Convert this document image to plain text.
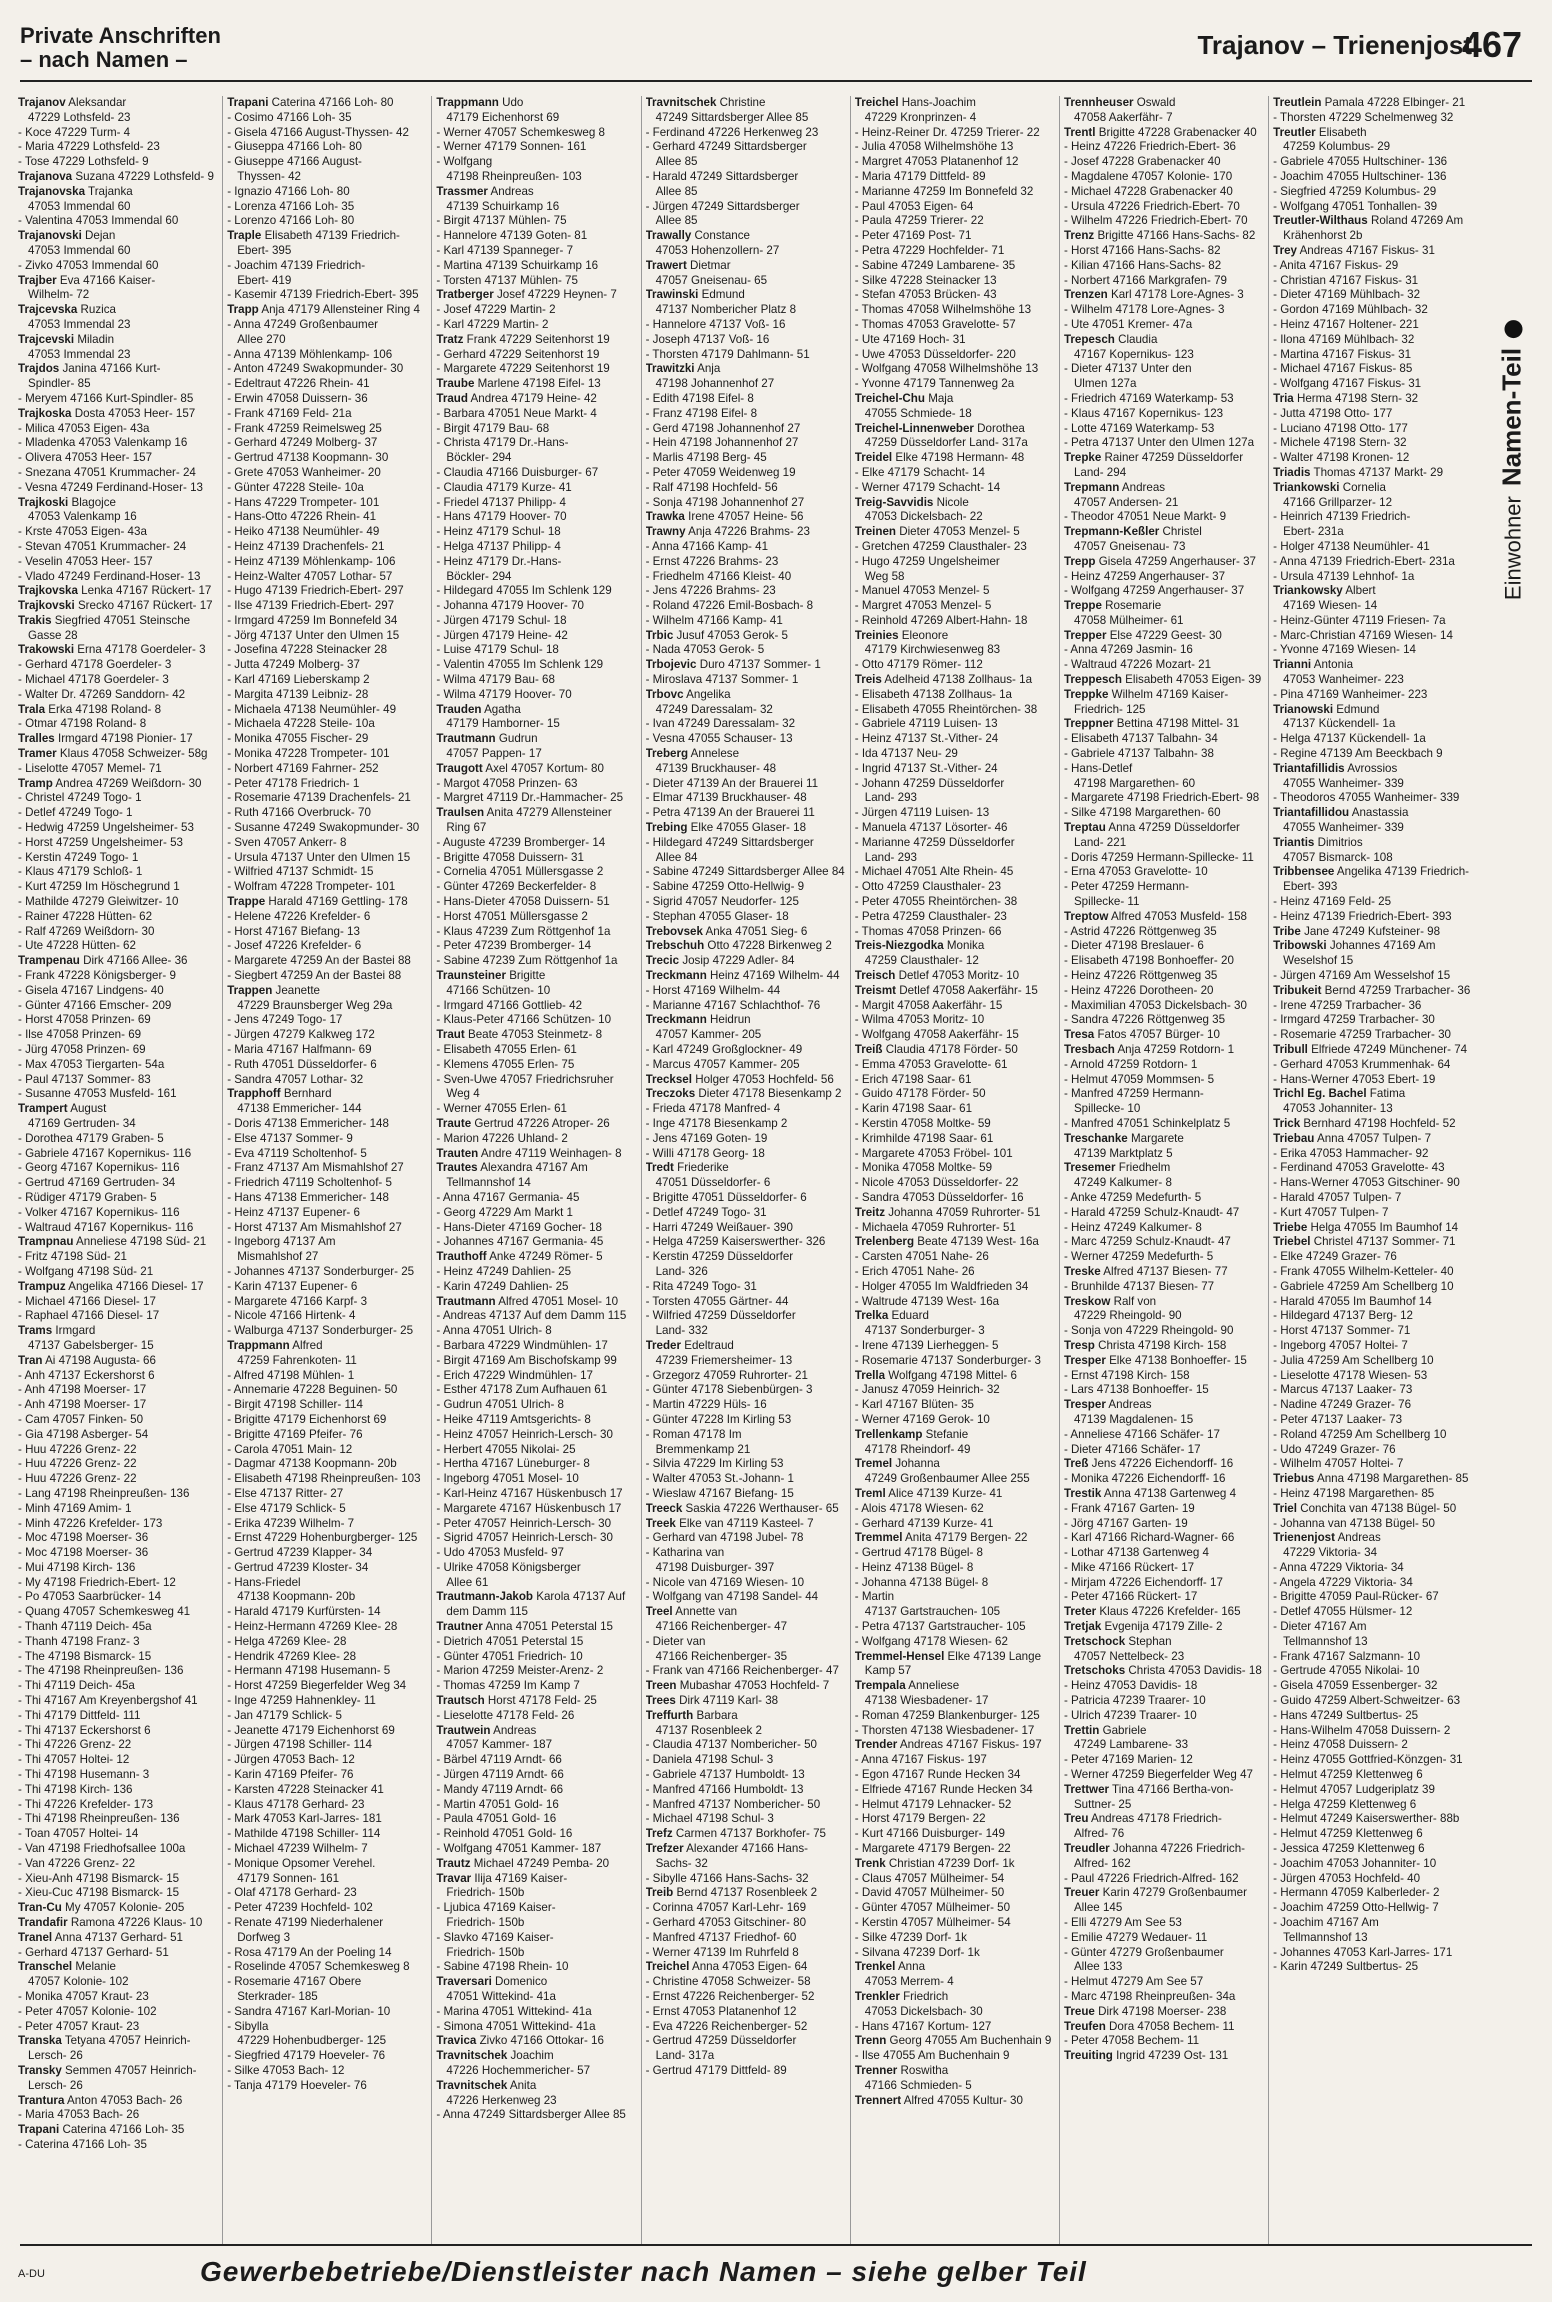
Private Anschriften
– nach Namen –	Trajanov – Trienenjost
467
Trajanov Aleksandar
47229 Lothsfeld- 23
- Koce 47229 Turm- 4
- Maria 47229 Lothsfeld- 23
- Tose 47229 Lothsfeld- 9
Trajanova Suzana 47229 Lothsfeld- 9
Trajanovska Trajanka
47053 Immendal 60
- Valentina 47053 Immendal 60
Trajanovski Dejan
47053 Immendal 60
- Zivko 47053 Immendal 60
Trajber Eva 47166 Kaiser-
Wilhelm- 72
Trajcevska Ruzica
47053 Immendal 23
Trajcevski Miladin
47053 Immendal 23
Trajdos Janina 47166 Kurt-
Spindler- 85
- Meryem 47166 Kurt-Spindler- 85
Trajkoska Dosta 47053 Heer- 157
- Milica 47053 Eigen- 43a
- Mladenka 47053 Valenkamp 16
- Olivera 47053 Heer- 157
- Snezana 47051 Krummacher- 24
- Vesna 47249 Ferdinand-Hoser- 13
Trajkoski Blagojce
47053 Valenkamp 16
- Krste 47053 Eigen- 43a
- Stevan 47051 Krummacher- 24
- Veselin 47053 Heer- 157
- Vlado 47249 Ferdinand-Hoser- 13
Trajkovska Lenka 47167 Rückert- 17
Trajkovski Srecko 47167 Rückert- 17
Trakis Siegfried 47051 Steinsche
Gasse 28
Trakowski Erna 47178 Goerdeler- 3
- Gerhard 47178 Goerdeler- 3
- Michael 47178 Goerdeler- 3
- Walter Dr. 47269 Sanddorn- 42
Trala Erka 47198 Roland- 8
- Otmar 47198 Roland- 8
Tralles Irmgard 47198 Pionier- 17
Tramer Klaus 47058 Schweizer- 58g
- Liselotte 47057 Memel- 71
Tramp Andrea 47269 Weißdorn- 30
- Christel 47249 Togo- 1
- Detlef 47249 Togo- 1
- Hedwig 47259 Ungelsheimer- 53
- Horst 47259 Ungelsheimer- 53
- Kerstin 47249 Togo- 1
- Klaus 47179 Schloß- 1
- Kurt 47259 Im Höschegrund 1
- Mathilde 47279 Gleiwitzer- 10
- Rainer 47228 Hütten- 62
- Ralf 47269 Weißdorn- 30
- Ute 47228 Hütten- 62
Trampenau Dirk 47166 Allee- 36
- Frank 47228 Königsberger- 9
- Gisela 47167 Lindgens- 40
- Günter 47166 Emscher- 209
- Horst 47058 Prinzen- 69
- Ilse 47058 Prinzen- 69
- Jürg 47058 Prinzen- 69
- Max 47053 Tiergarten- 54a
- Paul 47137 Sommer- 83
- Susanne 47053 Musfeld- 161
Trampert August
47169 Gertruden- 34
- Dorothea 47179 Graben- 5
- Gabriele 47167 Kopernikus- 116
- Georg 47167 Kopernikus- 116
- Gertrud 47169 Gertruden- 34
- Rüdiger 47179 Graben- 5
- Volker 47167 Kopernikus- 116
- Waltraud 47167 Kopernikus- 116
Trampnau Anneliese 47198 Süd- 21
- Fritz 47198 Süd- 21
- Wolfgang 47198 Süd- 21
Trampuz Angelika 47166 Diesel- 17
- Michael 47166 Diesel- 17
- Raphael 47166 Diesel- 17
Trams Irmgard
47137 Gabelsberger- 15
Tran Ai 47198 Augusta- 66
- Anh 47137 Eckershorst 6
- Anh 47198 Moerser- 17
- Anh 47198 Moerser- 17
- Cam 47057 Finken- 50
- Gia 47198 Asberger- 54
- Huu 47226 Grenz- 22
- Huu 47226 Grenz- 22
- Huu 47226 Grenz- 22
- Lang 47198 Rheinpreußen- 136
- Minh 47169 Amim- 1
- Minh 47226 Krefelder- 173
- Moc 47198 Moerser- 36
- Moc 47198 Moerser- 36
- Mui 47198 Kirch- 136
- My 47198 Friedrich-Ebert- 12
- Po 47053 Saarbrücker- 14
- Quang 47057 Schemkesweg 41
- Thanh 47119 Deich- 45a
- Thanh 47198 Franz- 3
- The 47198 Bismarck- 15
- The 47198 Rheinpreußen- 136
- Thi 47119 Deich- 45a
- Thi 47167 Am Kreyenbergshof 41
- Thi 47179 Dittfeld- 111
- Thi 47137 Eckershorst 6
- Thi 47226 Grenz- 22
- Thi 47057 Holtei- 12
- Thi 47198 Husemann- 3
- Thi 47198 Kirch- 136
- Thi 47226 Krefelder- 173
- Thi 47198 Rheinpreußen- 136
- Toan 47057 Holtei- 14
- Van 47198 Friedhofsallee 100a
- Van 47226 Grenz- 22
- Xieu-Anh 47198 Bismarck- 15
- Xieu-Cuc 47198 Bismarck- 15
Tran-Cu My 47057 Kolonie- 205
Trandafir Ramona 47226 Klaus- 10
Tranel Anna 47137 Gerhard- 51
- Gerhard 47137 Gerhard- 51
Transchel Melanie
47057 Kolonie- 102
- Monika 47057 Kraut- 23
- Peter 47057 Kolonie- 102
- Peter 47057 Kraut- 23
Transka Tetyana 47057 Heinrich-
Lersch- 26
Transky Semmen 47057 Heinrich-
Lersch- 26
Trantura Anton 47053 Bach- 26
- Maria 47053 Bach- 26
Trapani Caterina 47166 Loh- 35
- Caterina 47166 Loh- 35
Trapani Caterina 47166 Loh- 80
- Cosimo 47166 Loh- 35
- Gisela 47166 August-Thyssen- 42
- Giuseppa 47166 Loh- 80
- Giuseppe 47166 August-
Thyssen- 42
- Ignazio 47166 Loh- 80
- Lorenza 47166 Loh- 35
- Lorenzo 47166 Loh- 80
Traple Elisabeth 47139 Friedrich-
Ebert- 395
- Joachim 47139 Friedrich-
Ebert- 419
- Kasemir 47139 Friedrich-Ebert- 395
Trapp Anja 47179 Allensteiner Ring 4
- Anna 47249 Großenbaumer
Allee 270
- Anna 47139 Möhlenkamp- 106
- Anton 47249 Swakopmunder- 30
- Edeltraut 47226 Rhein- 41
- Erwin 47058 Duissern- 36
- Frank 47169 Feld- 21a
- Frank 47259 Reimelsweg 25
- Gerhard 47249 Molberg- 37
- Gertrud 47138 Koopmann- 30
- Grete 47053 Wanheimer- 20
- Günter 47228 Steile- 10a
- Hans 47229 Trompeter- 101
- Hans-Otto 47226 Rhein- 41
- Heiko 47138 Neumühler- 49
- Heinz 47139 Drachenfels- 21
- Heinz 47139 Möhlenkamp- 106
- Heinz-Walter 47057 Lothar- 57
- Hugo 47139 Friedrich-Ebert- 297
- Ilse 47139 Friedrich-Ebert- 297
- Irmgard 47259 Im Bonnefeld 34
- Jörg 47137 Unter den Ulmen 15
- Josefina 47228 Steinacker 28
- Jutta 47249 Molberg- 37
- Karl 47169 Lieberskamp 2
- Margita 47139 Leibniz- 28
- Michaela 47138 Neumühler- 49
- Michaela 47228 Steile- 10a
- Monika 47055 Fischer- 29
- Monika 47228 Trompeter- 101
- Norbert 47169 Fahrner- 252
- Peter 47178 Friedrich- 1
- Rosemarie 47139 Drachenfels- 21
- Ruth 47166 Overbruck- 70
- Susanne 47249 Swakopmunder- 30
- Sven 47057 Ankerr- 8
- Ursula 47137 Unter den Ulmen 15
- Wilfried 47137 Schmidt- 15
- Wolfram 47228 Trompeter- 101
Trappe Harald 47169 Gettling- 178
- Helene 47226 Krefelder- 6
- Horst 47167 Biefang- 13
- Josef 47226 Krefelder- 6
- Margarete 47259 An der Bastei 88
- Siegbert 47259 An der Bastei 88
Trappen Jeanette
47229 Braunsberger Weg 29a
- Jens 47249 Togo- 17
- Jürgen 47279 Kalkweg 172
- Maria 47167 Halfmann- 69
- Ruth 47051 Düsseldorfer- 6
- Sandra 47057 Lothar- 32
Trapphoff Bernhard
47138 Emmericher- 144
- Doris 47138 Emmericher- 148
- Else 47137 Sommer- 9
- Eva 47119 Scholtenhof- 5
- Franz 47137 Am Mismahlshof 27
- Friedrich 47119 Scholtenhof- 5
- Hans 47138 Emmericher- 148
- Heinz 47137 Eupener- 6
- Horst 47137 Am Mismahlshof 27
- Ingeborg 47137 Am
Mismahlshof 27
- Johannes 47137 Sonderburger- 25
- Karin 47137 Eupener- 6
- Margarete 47166 Karpf- 3
- Nicole 47166 Hirtenk- 4
- Walburga 47137 Sonderburger- 25
Trappmann Alfred
47259 Fahrenkoten- 11
- Alfred 47198 Mühlen- 1
- Annemarie 47228 Beguinen- 50
- Birgit 47198 Schiller- 114
- Brigitte 47179 Eichenhorst 69
- Brigitte 47169 Pfeifer- 76
- Carola 47051 Main- 12
- Dagmar 47138 Koopmann- 20b
- Elisabeth 47198 Rheinpreußen- 103
- Else 47137 Ritter- 27
- Else 47179 Schlick- 5
- Erika 47239 Wilhelm- 7
- Ernst 47229 Hohenburgberger- 125
- Gertrud 47239 Klapper- 34
- Gertrud 47239 Kloster- 34
- Hans-Friedel
47138 Koopmann- 20b
- Harald 47179 Kurfürsten- 14
- Heinz-Hermann 47269 Klee- 28
- Helga 47269 Klee- 28
- Hendrik 47269 Klee- 28
- Hermann 47198 Husemann- 5
- Horst 47259 Biegerfelder Weg 34
- Inge 47259 Hahnenkley- 11
- Jan 47179 Schlick- 5
- Jeanette 47179 Eichenhorst 69
- Jürgen 47198 Schiller- 114
- Jürgen 47053 Bach- 12
- Karin 47169 Pfeifer- 76
- Karsten 47228 Steinacker 41
- Klaus 47178 Gerhard- 23
- Mark 47053 Karl-Jarres- 181
- Mathilde 47198 Schiller- 114
- Michael 47239 Wilhelm- 7
- Monique Opsomer Verehel.
47179 Sonnen- 161
- Olaf 47178 Gerhard- 23
- Peter 47239 Hochfeld- 102
- Renate 47199 Niederhalener
Dorfweg 3
- Rosa 47179 An der Poeling 14
- Roselinde 47057 Schemkesweg 8
- Rosemarie 47167 Obere
Sterkrader- 185
- Sandra 47167 Karl-Morian- 10
- Sibylla
47229 Hohenbudberger- 125
- Siegfried 47179 Hoeveler- 76
- Silke 47053 Bach- 12
- Tanja 47179 Hoeveler- 76
Trappmann Udo
47179 Eichenhorst 69
- Werner 47057 Schemkesweg 8
- Werner 47179 Sonnen- 161
- Wolfgang
47198 Rheinpreußen- 103
Trassmer Andreas
47139 Schuirkamp 16
- Birgit 47137 Mühlen- 75
- Hannelore 47139 Goten- 81
- Karl 47139 Spanneger- 7
- Martina 47139 Schuirkamp 16
- Torsten 47137 Mühlen- 75
Tratberger Josef 47229 Heynen- 7
- Josef 47229 Martin- 2
- Karl 47229 Martin- 2
Tratz Frank 47229 Seitenhorst 19
- Gerhard 47229 Seitenhorst 19
- Margarete 47229 Seitenhorst 19
Traube Marlene 47198 Eifel- 13
Traud Andrea 47179 Heine- 42
- Barbara 47051 Neue Markt- 4
- Birgit 47179 Bau- 68
- Christa 47179 Dr.-Hans-
Böckler- 294
- Claudia 47166 Duisburger- 67
- Claudia 47179 Kurze- 41
- Friedel 47137 Philipp- 4
- Hans 47179 Hoover- 70
- Heinz 47179 Schul- 18
- Helga 47137 Philipp- 4
- Heinz 47179 Dr.-Hans-
Böckler- 294
- Hildegard 47055 Im Schlenk 129
- Johanna 47179 Hoover- 70
- Jürgen 47179 Schul- 18
- Jürgen 47179 Heine- 42
- Luise 47179 Schul- 18
- Valentin 47055 Im Schlenk 129
- Wilma 47179 Bau- 68
- Wilma 47179 Hoover- 70
Trauden Agatha
47179 Hamborner- 15
Trautmann Gudrun
47057 Pappen- 17
Traugott Axel 47057 Kortum- 80
- Margot 47058 Prinzen- 63
- Margret 47119 Dr.-Hammacher- 25
Traulsen Anita 47279 Allensteiner
Ring 67
- Auguste 47239 Bromberger- 14
- Brigitte 47058 Duissern- 31
- Cornelia 47051 Müllersgasse 2
- Günter 47269 Beckerfelder- 8
- Hans-Dieter 47058 Duissern- 51
- Horst 47051 Müllersgasse 2
- Klaus 47239 Zum Röttgenhof 1a
- Peter 47239 Bromberger- 14
- Sabine 47239 Zum Röttgenhof 1a
Traunsteiner Brigitte
47166 Schützen- 10
- Irmgard 47166 Gottlieb- 42
- Klaus-Peter 47166 Schützen- 10
Traut Beate 47053 Steinmetz- 8
- Elisabeth 47055 Erlen- 61
- Klemens 47055 Erlen- 75
- Sven-Uwe 47057 Friedrichsruher
Weg 4
- Werner 47055 Erlen- 61
Traute Gertrud 47226 Atroper- 26
- Marion 47226 Uhland- 2
Trauten Andre 47119 Weinhagen- 8
Trautes Alexandra 47167 Am
Tellmannshof 14
- Anna 47167 Germania- 45
- Georg 47229 Am Markt 1
- Hans-Dieter 47169 Gocher- 18
- Johannes 47167 Germania- 45
Trauthoff Anke 47249 Römer- 5
- Heinz 47249 Dahlien- 25
- Karin 47249 Dahlien- 25
Trautmann Alfred 47051 Mosel- 10
- Andreas 47137 Auf dem Damm 115
- Anna 47051 Ulrich- 8
- Barbara 47229 Windmühlen- 17
- Birgit 47169 Am Bischofskamp 99
- Erich 47229 Windmühlen- 17
- Esther 47178 Zum Aufhauen 61
- Gudrun 47051 Ulrich- 8
- Heike 47119 Amtsgerichts- 8
- Heinz 47057 Heinrich-Lersch- 30
- Herbert 47055 Nikolai- 25
- Hertha 47167 Lüneburger- 8
- Ingeborg 47051 Mosel- 10
- Karl-Heinz 47167 Hüskenbusch 17
- Margarete 47167 Hüskenbusch 17
- Peter 47057 Heinrich-Lersch- 30
- Sigrid 47057 Heinrich-Lersch- 30
- Udo 47053 Musfeld- 97
- Ulrike 47058 Königsberger
Allee 61
Trautmann-Jakob Karola 47137 Auf
dem Damm 115
Trautner Anna 47051 Peterstal 15
- Dietrich 47051 Peterstal 15
- Günter 47051 Friedrich- 10
- Marion 47259 Meister-Arenz- 2
- Thomas 47259 Im Kamp 7
Trautsch Horst 47178 Feld- 25
- Lieselotte 47178 Feld- 26
Trautwein Andreas
47057 Kammer- 187
- Bärbel 47119 Arndt- 66
- Jürgen 47119 Arndt- 66
- Mandy 47119 Arndt- 66
- Martin 47051 Gold- 16
- Paula 47051 Gold- 16
- Reinhold 47051 Gold- 16
- Wolfgang 47051 Kammer- 187
Trautz Michael 47249 Pemba- 20
Travar Ilija 47169 Kaiser-
Friedrich- 150b
- Ljubica 47169 Kaiser-
Friedrich- 150b
- Slavko 47169 Kaiser-
Friedrich- 150b
- Sabine 47198 Rhein- 10
Traversari Domenico
47051 Wittekind- 41a
- Marina 47051 Wittekind- 41a
- Simona 47051 Wittekind- 41a
Travica Zivko 47166 Ottokar- 16
Travnitschek Joachim
47226 Hochemmericher- 57
Travnitschek Anita
47226 Herkenweg 23
- Anna 47249 Sittardsberger Allee 85
Travnitschek Christine
47249 Sittardsberger Allee 85
- Ferdinand 47226 Herkenweg 23
- Gerhard 47249 Sittardsberger
Allee 85
- Harald 47249 Sittardsberger
Allee 85
- Jürgen 47249 Sittardsberger
Allee 85
Trawally Constance
47053 Hohenzollern- 27
Trawert Dietmar
47057 Gneisenau- 65
Trawinski Edmund
47137 Nombericher Platz 8
- Hannelore 47137 Voß- 16
- Joseph 47137 Voß- 16
- Thorsten 47179 Dahlmann- 51
Trawitzki Anja
47198 Johannenhof 27
- Edith 47198 Eifel- 8
- Franz 47198 Eifel- 8
- Gerd 47198 Johannenhof 27
- Hein 47198 Johannenhof 27
- Marlis 47198 Berg- 45
- Peter 47059 Weidenweg 19
- Ralf 47198 Hochfeld- 56
- Sonja 47198 Johannenhof 27
Trawka Irene 47057 Heine- 56
Trawny Anja 47226 Brahms- 23
- Anna 47166 Kamp- 41
- Ernst 47226 Brahms- 23
- Friedhelm 47166 Kleist- 40
- Jens 47226 Brahms- 23
- Roland 47226 Emil-Bosbach- 8
- Wilhelm 47166 Kamp- 41
Trbic Jusuf 47053 Gerok- 5
- Nada 47053 Gerok- 5
Trbojevic Duro 47137 Sommer- 1
- Miroslava 47137 Sommer- 1
Trbovc Angelika
47249 Daressalam- 32
- Ivan 47249 Daressalam- 32
- Vesna 47055 Schauser- 13
Treberg Annelese
47139 Bruckhauser- 48
- Dieter 47139 An der Brauerei 11
- Elmar 47139 Bruckhauser- 48
- Petra 47139 An der Brauerei 11
Trebing Elke 47055 Glaser- 18
- Hildegard 47249 Sittardsberger
Allee 84
- Sabine 47249 Sittardsberger Allee 84
- Sabine 47259 Otto-Hellwig- 9
- Sigrid 47057 Neudorfer- 125
- Stephan 47055 Glaser- 18
Trebovsek Anka 47051 Sieg- 6
Trebschuh Otto 47228 Birkenweg 2
Trecic Josip 47229 Adler- 84
Treckmann Heinz 47169 Wilhelm- 44
- Horst 47169 Wilhelm- 44
- Marianne 47167 Schlachthof- 76
Treckmann Heidrun
47057 Kammer- 205
- Karl 47249 Großglockner- 49
- Marcus 47057 Kammer- 205
Trecksel Holger 47053 Hochfeld- 56
Treczoks Dieter 47178 Biesenkamp 2
- Frieda 47178 Manfred- 4
- Inge 47178 Biesenkamp 2
- Jens 47169 Goten- 19
- Willi 47178 Georg- 18
Tredt Friederike
47051 Düsseldorfer- 6
- Brigitte 47051 Düsseldorfer- 6
- Detlef 47249 Togo- 31
- Harri 47249 Weißauer- 390
- Helga 47259 Kaiserswerther- 326
- Kerstin 47259 Düsseldorfer
Land- 326
- Rita 47249 Togo- 31
- Torsten 47055 Gärtner- 44
- Wilfried 47259 Düsseldorfer
Land- 332
Treder Edeltraud
47239 Friemersheimer- 13
- Grzegorz 47059 Ruhrorter- 21
- Günter 47178 Siebenbürgen- 3
- Martin 47229 Hüls- 16
- Günter 47228 Im Kirling 53
- Roman 47178 Im
Bremmenkamp 21
- Silvia 47229 Im Kirling 53
- Walter 47053 St.-Johann- 1
- Wieslaw 47167 Biefang- 15
Treeck Saskia 47226 Werthauser- 65
Treek Elke van 47119 Kasteel- 7
- Gerhard van 47198 Jubel- 78
- Katharina van
47198 Duisburger- 397
- Nicole van 47169 Wiesen- 10
- Wolfgang van 47198 Sandel- 44
Treel Annette van
47166 Reichenberger- 47
- Dieter van
47166 Reichenberger- 35
- Frank van 47166 Reichenberger- 47
Treen Mubashar 47053 Hochfeld- 7
Trees Dirk 47119 Karl- 38
Treffurth Barbara
47137 Rosenbleek 2
- Claudia 47137 Nombericher- 50
- Daniela 47198 Schul- 3
- Gabriele 47137 Humboldt- 13
- Manfred 47166 Humboldt- 13
- Manfred 47137 Nombericher- 50
- Michael 47198 Schul- 3
Trefz Carmen 47137 Borkhofer- 75
Trefzer Alexander 47166 Hans-
Sachs- 32
- Sibylle 47166 Hans-Sachs- 32
Treib Bernd 47137 Rosenbleek 2
- Corinna 47057 Karl-Lehr- 169
- Gerhard 47053 Gitschiner- 80
- Manfred 47137 Friedhof- 60
- Werner 47139 Im Ruhrfeld 8
Treichel Anna 47053 Eigen- 64
- Christine 47058 Schweizer- 58
- Ernst 47226 Reichenberger- 52
- Ernst 47053 Platanenhof 12
- Eva 47226 Reichenberger- 52
- Gertrud 47259 Düsseldorfer
Land- 317a
- Gertrud 47179 Dittfeld- 89
Treichel Hans-Joachim
47229 Kronprinzen- 4
- Heinz-Reiner Dr. 47259 Trierer- 22
- Julia 47058 Wilhelmshöhe 13
- Margret 47053 Platanenhof 12
- Maria 47179 Dittfeld- 89
- Marianne 47259 Im Bonnefeld 32
- Paul 47053 Eigen- 64
- Paula 47259 Trierer- 22
- Peter 47169 Post- 71
- Petra 47229 Hochfelder- 71
- Sabine 47249 Lambarene- 35
- Silke 47228 Steinacker 13
- Stefan 47053 Brücken- 43
- Thomas 47058 Wilhelmshöhe 13
- Thomas 47053 Gravelotte- 57
- Ute 47169 Hoch- 31
- Uwe 47053 Düsseldorfer- 220
- Wolfgang 47058 Wilhelmshöhe 13
- Yvonne 47179 Tannenweg 2a
Treichel-Chu Maja
47055 Schmiede- 18
Treichel-Linnenweber Dorothea
47259 Düsseldorfer Land- 317a
Treidel Elke 47198 Hermann- 48
- Elke 47179 Schacht- 14
- Werner 47179 Schacht- 14
Treig-Savvidis Nicole
47053 Dickelsbach- 22
Treinen Dieter 47053 Menzel- 5
- Gretchen 47259 Clausthaler- 23
- Hugo 47259 Ungelsheimer
Weg 58
- Manuel 47053 Menzel- 5
- Margret 47053 Menzel- 5
- Reinhold 47269 Albert-Hahn- 18
Treinies Eleonore
47179 Kirchwiesenweg 83
- Otto 47179 Römer- 112
Treis Adelheid 47138 Zollhaus- 1a
- Elisabeth 47138 Zollhaus- 1a
- Elisabeth 47055 Rheintörchen- 38
- Gabriele 47119 Luisen- 13
- Heinz 47137 St.-Vither- 24
- Ida 47137 Neu- 29
- Ingrid 47137 St.-Vither- 24
- Johann 47259 Düsseldorfer
Land- 293
- Jürgen 47119 Luisen- 13
- Manuela 47137 Lösorter- 46
- Marianne 47259 Düsseldorfer
Land- 293
- Michael 47051 Alte Rhein- 45
- Otto 47259 Clausthaler- 23
- Peter 47055 Rheintörchen- 38
- Petra 47259 Clausthaler- 23
- Thomas 47058 Prinzen- 66
Treis-Niezgodka Monika
47259 Clausthaler- 12
Treisch Detlef 47053 Moritz- 10
Treismt Detlef 47058 Aakerfähr- 15
- Margit 47058 Aakerfähr- 15
- Wilma 47053 Moritz- 10
- Wolfgang 47058 Aakerfähr- 15
Treiß Claudia 47178 Förder- 50
- Emma 47053 Gravelotte- 61
- Erich 47198 Saar- 61
- Guido 47178 Förder- 50
- Karin 47198 Saar- 61
- Kerstin 47058 Moltke- 59
- Krimhilde 47198 Saar- 61
- Margarete 47053 Fröbel- 101
- Monika 47058 Moltke- 59
- Nicole 47053 Düsseldorfer- 22
- Sandra 47053 Düsseldorfer- 16
Treitz Johanna 47059 Ruhrorter- 51
- Michaela 47059 Ruhrorter- 51
Trelenberg Beate 47139 West- 16a
- Carsten 47051 Nahe- 26
- Erich 47051 Nahe- 26
- Holger 47055 Im Waldfrieden 34
- Waltrude 47139 West- 16a
Trelka Eduard
47137 Sonderburger- 3
- Irene 47139 Lierheggen- 5
- Rosemarie 47137 Sonderburger- 3
Trella Wolfgang 47198 Mittel- 6
- Janusz 47059 Heinrich- 32
- Karl 47167 Blüten- 35
- Werner 47169 Gerok- 10
Trellenkamp Stefanie
47178 Rheindorf- 49
Tremel Johanna
47249 Großenbaumer Allee 255
Treml Alice 47139 Kurze- 41
- Alois 47178 Wiesen- 62
- Gerhard 47139 Kurze- 41
Tremmel Anita 47179 Bergen- 22
- Gertrud 47178 Bügel- 8
- Heinz 47138 Bügel- 8
- Johanna 47138 Bügel- 8
- Martin
47137 Gartstrauchen- 105
- Petra 47137 Gartstraucher- 105
- Wolfgang 47178 Wiesen- 62
Tremmel-Hensel Elke 47139 Lange
Kamp 57
Trempala Anneliese
47138 Wiesbadener- 17
- Roman 47259 Blankenburger- 125
- Thorsten 47138 Wiesbadener- 17
Trender Andreas 47167 Fiskus- 197
- Anna 47167 Fiskus- 197
- Egon 47167 Runde Hecken 34
- Elfriede 47167 Runde Hecken 34
- Helmut 47179 Lehnacker- 52
- Horst 47179 Bergen- 22
- Kurt 47166 Duisburger- 149
- Margarete 47179 Bergen- 22
Trenk Christian 47239 Dorf- 1k
- Claus 47057 Mülheimer- 54
- David 47057 Mülheimer- 50
- Günter 47057 Mülheimer- 50
- Kerstin 47057 Mülheimer- 54
- Silke 47239 Dorf- 1k
- Silvana 47239 Dorf- 1k
Trenkel Anna
47053 Merrem- 4
Trenkler Friedrich
47053 Dickelsbach- 30
- Hans 47167 Kortum- 127
Trenn Georg 47055 Am Buchenhain 9
- Ilse 47055 Am Buchenhain 9
Trenner Roswitha
47166 Schmieden- 5
Trennert Alfred 47055 Kultur- 30
Trennheuser Oswald
47058 Aakerfähr- 7
Trentl Brigitte 47228 Grabenacker 40
- Heinz 47226 Friedrich-Ebert- 36
- Josef 47228 Grabenacker 40
- Magdalene 47057 Kolonie- 170
- Michael 47228 Grabenacker 40
- Ursula 47226 Friedrich-Ebert- 70
- Wilhelm 47226 Friedrich-Ebert- 70
Trenz Brigitte 47166 Hans-Sachs- 82
- Horst 47166 Hans-Sachs- 82
- Kilian 47166 Hans-Sachs- 82
- Norbert 47166 Markgrafen- 79
Trenzen Karl 47178 Lore-Agnes- 3
- Wilhelm 47178 Lore-Agnes- 3
- Ute 47051 Kremer- 47a
Trepesch Claudia
47167 Kopernikus- 123
- Dieter 47137 Unter den
Ulmen 127a
- Friedrich 47169 Waterkamp- 53
- Klaus 47167 Kopernikus- 123
- Lotte 47169 Waterkamp- 53
- Petra 47137 Unter den Ulmen 127a
Trepke Rainer 47259 Düsseldorfer
Land- 294
Trepmann Andreas
47057 Andersen- 21
- Theodor 47051 Neue Markt- 9
Trepmann-Keßler Christel
47057 Gneisenau- 73
Trepp Gisela 47259 Angerhauser- 37
- Heinz 47259 Angerhauser- 37
- Wolfgang 47259 Angerhauser- 37
Treppe Rosemarie
47058 Mülheimer- 61
Trepper Else 47229 Geest- 30
- Anna 47269 Jasmin- 16
- Waltraud 47226 Mozart- 21
Treppesch Elisabeth 47053 Eigen- 39
Treppke Wilhelm 47169 Kaiser-
Friedrich- 125
Treppner Bettina 47198 Mittel- 31
- Elisabeth 47137 Talbahn- 34
- Gabriele 47137 Talbahn- 38
- Hans-Detlef
47198 Margarethen- 60
- Margarete 47198 Friedrich-Ebert- 98
- Silke 47198 Margarethen- 60
Treptau Anna 47259 Düsseldorfer
Land- 221
- Doris 47259 Hermann-Spillecke- 11
- Erna 47053 Gravelotte- 10
- Peter 47259 Hermann-
Spillecke- 11
Treptow Alfred 47053 Musfeld- 158
- Astrid 47226 Röttgenweg 35
- Dieter 47198 Breslauer- 6
- Elisabeth 47198 Bonhoeffer- 20
- Heinz 47226 Röttgenweg 35
- Heinz 47226 Dorotheen- 20
- Maximilian 47053 Dickelsbach- 30
- Sandra 47226 Röttgenweg 35
Tresa Fatos 47057 Bürger- 10
Tresbach Anja 47259 Rotdorn- 1
- Arnold 47259 Rotdorn- 1
- Helmut 47059 Mommsen- 5
- Manfred 47259 Hermann-
Spillecke- 10
- Manfred 47051 Schinkelplatz 5
Treschanke Margarete
47139 Marktplatz 5
Tresemer Friedhelm
47249 Kalkumer- 8
- Anke 47259 Medefurth- 5
- Harald 47259 Schulz-Knaudt- 47
- Heinz 47249 Kalkumer- 8
- Marc 47259 Schulz-Knaudt- 47
- Werner 47259 Medefurth- 5
Treske Alfred 47137 Biesen- 77
- Brunhilde 47137 Biesen- 77
Treskow Ralf von
47229 Rheingold- 90
- Sonja von 47229 Rheingold- 90
Tresp Christa 47198 Kirch- 158
Tresper Elke 47138 Bonhoeffer- 15
- Ernst 47198 Kirch- 158
- Lars 47138 Bonhoeffer- 15
Tresper Andreas
47139 Magdalenen- 15
- Anneliese 47166 Schäfer- 17
- Dieter 47166 Schäfer- 17
Treß Jens 47226 Eichendorff- 16
- Monika 47226 Eichendorff- 16
Trestik Anna 47138 Gartenweg 4
- Frank 47167 Garten- 19
- Jörg 47167 Garten- 19
- Karl 47166 Richard-Wagner- 66
- Lothar 47138 Gartenweg 4
- Mike 47166 Rückert- 17
- Mirjam 47226 Eichendorff- 17
- Peter 47166 Rückert- 17
Treter Klaus 47226 Krefelder- 165
Tretjak Evgenija 47179 Zille- 2
Tretschock Stephan
47057 Nettelbeck- 23
Tretschoks Christa 47053 Davidis- 18
- Heinz 47053 Davidis- 18
- Patricia 47239 Traarer- 10
- Ulrich 47239 Traarer- 10
Trettin Gabriele
47249 Lambarene- 33
- Peter 47169 Marien- 12
- Werner 47259 Biegerfelder Weg 47
Trettwer Tina 47166 Bertha-von-
Suttner- 25
Treu Andreas 47178 Friedrich-
Alfred- 76
Treudler Johanna 47226 Friedrich-
Alfred- 162
- Paul 47226 Friedrich-Alfred- 162
Treuer Karin 47279 Großenbaumer
Allee 145
- Elli 47279 Am See 53
- Emilie 47279 Wedauer- 11
- Günter 47279 Großenbaumer
Allee 133
- Helmut 47279 Am See 57
- Marc 47198 Rheinpreußen- 34a
Treue Dirk 47198 Moerser- 238
Treufen Dora 47058 Bechem- 11
- Peter 47058 Bechem- 11
Treuiting Ingrid 47239 Ost- 131
Treutlein Pamala 47228 Elbinger- 21
- Thorsten 47229 Schelmenweg 32
Treutler Elisabeth
47259 Kolumbus- 29
- Gabriele 47055 Hultschiner- 136
- Joachim 47055 Hultschiner- 136
- Siegfried 47259 Kolumbus- 29
- Wolfgang 47051 Tonhallen- 39
Treutler-Wilthaus Roland 47269 Am
Krähenhorst 2b
Trey Andreas 47167 Fiskus- 31
- Anita 47167 Fiskus- 29
- Christian 47167 Fiskus- 31
- Dieter 47169 Mühlbach- 32
- Gordon 47169 Mühlbach- 32
- Heinz 47167 Holtener- 221
- Ilona 47169 Mühlbach- 32
- Martina 47167 Fiskus- 31
- Michael 47167 Fiskus- 85
- Wolfgang 47167 Fiskus- 31
Tria Herma 47198 Stern- 32
- Jutta 47198 Otto- 177
- Luciano 47198 Otto- 177
- Michele 47198 Stern- 32
- Walter 47198 Kronen- 12
Triadis Thomas 47137 Markt- 29
Triankowski Cornelia
47166 Grillparzer- 12
- Heinrich 47139 Friedrich-
Ebert- 231a
- Holger 47138 Neumühler- 41
- Anna 47139 Friedrich-Ebert- 231a
- Ursula 47139 Lehnhof- 1a
Triankowsky Albert
47169 Wiesen- 14
- Heinz-Günter 47119 Friesen- 7a
- Marc-Christian 47169 Wiesen- 14
- Yvonne 47169 Wiesen- 14
Trianni Antonia
47053 Wanheimer- 223
- Pina 47169 Wanheimer- 223
Trianowski Edmund
47137 Kückendell- 1a
- Helga 47137 Kückendell- 1a
- Regine 47139 Am Beeckbach 9
Triantafillidis Avrossios
47055 Wanheimer- 339
- Theodoros 47055 Wanheimer- 339
Triantafillidou Anastassia
47055 Wanheimer- 339
Triantis Dimitrios
47057 Bismarck- 108
Tribbensee Angelika 47139 Friedrich-
Ebert- 393
- Heinz 47169 Feld- 25
- Heinz 47139 Friedrich-Ebert- 393
Tribe Jane 47249 Kufsteiner- 98
Tribowski Johannes 47169 Am
Weselshof 15
- Jürgen 47169 Am Wesselshof 15
Tribukeit Bernd 47259 Trarbacher- 36
- Irene 47259 Trarbacher- 36
- Irmgard 47259 Trarbacher- 30
- Rosemarie 47259 Trarbacher- 30
Tribull Elfriede 47249 Münchener- 74
- Gerhard 47053 Krummenhak- 64
- Hans-Werner 47053 Ebert- 19
Trichl Eg. Bachel Fatima
47053 Johanniter- 13
Trick Bernhard 47198 Hochfeld- 52
Triebau Anna 47057 Tulpen- 7
- Erika 47053 Hammacher- 92
- Ferdinand 47053 Gravelotte- 43
- Hans-Werner 47053 Gitschiner- 90
- Harald 47057 Tulpen- 7
- Kurt 47057 Tulpen- 7
Triebe Helga 47055 Im Baumhof 14
Triebel Christel 47137 Sommer- 71
- Elke 47249 Grazer- 76
- Frank 47055 Wilhelm-Ketteler- 40
- Gabriele 47259 Am Schellberg 10
- Harald 47055 Im Baumhof 14
- Hildegard 47137 Berg- 12
- Horst 47137 Sommer- 71
- Ingeborg 47057 Holtei- 7
- Julia 47259 Am Schellberg 10
- Lieselotte 47178 Wiesen- 53
- Marcus 47137 Laaker- 73
- Nadine 47249 Grazer- 76
- Peter 47137 Laaker- 73
- Roland 47259 Am Schellberg 10
- Udo 47249 Grazer- 76
- Wilhelm 47057 Holtei- 7
Triebus Anna 47198 Margarethen- 85
- Heinz 47198 Margarethen- 85
Triel Conchita van 47138 Bügel- 50
- Johanna van 47138 Bügel- 50
Trienenjost Andreas
47229 Viktoria- 34
- Anna 47229 Viktoria- 34
- Angela 47229 Viktoria- 34
- Brigitte 47059 Paul-Rücker- 67
- Detlef 47055 Hülsmer- 12
- Dieter 47167 Am
Tellmannshof 13
- Frank 47167 Salzmann- 10
- Gertrude 47055 Nikolai- 10
- Gisela 47059 Essenberger- 32
- Guido 47259 Albert-Schweitzer- 63
- Hans 47249 Sultbertus- 25
- Hans-Wilhelm 47058 Duissern- 2
- Heinz 47058 Duissern- 2
- Heinz 47055 Gottfried-Könzgen- 31
- Helmut 47259 Klettenweg 6
- Helmut 47057 Ludgeriplatz 39
- Helga 47259 Klettenweg 6
- Helmut 47249 Kaiserswerther- 88b
- Helmut 47259 Klettenweg 6
- Jessica 47259 Klettenweg 6
- Joachim 47053 Johanniter- 10
- Jürgen 47053 Hochfeld- 40
- Hermann 47059 Kalberleder- 2
- Joachim 47259 Otto-Hellwig- 7
- Joachim 47167 Am
Tellmannshof 13
- Johannes 47053 Karl-Jarres- 171
- Karin 47249 Sultbertus- 25
EinwohnerNamen-Teil
A-DU	Gewerbebetriebe/Dienstleister nach Namen – siehe gelber Teil
